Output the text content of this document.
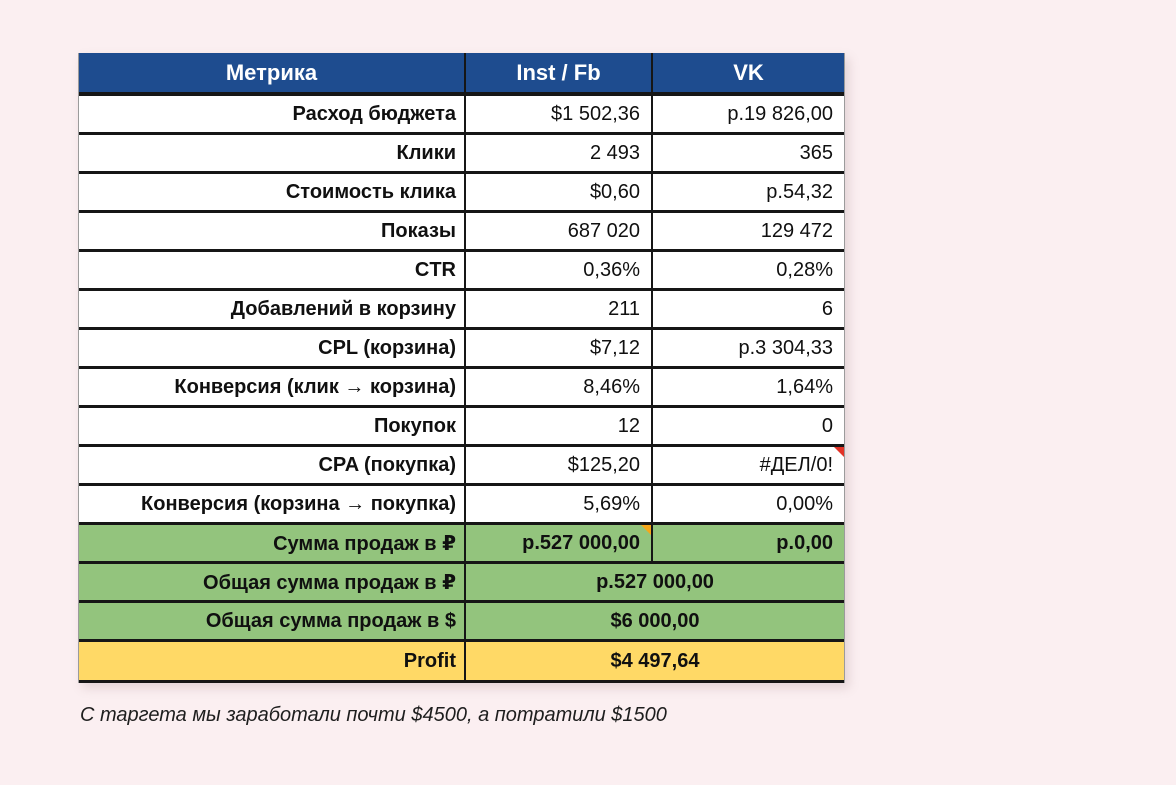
Метрика	Inst / Fb	VK
Расход бюджета	$1 502,36	р.19 826,00
Клики	2 493	365
Стоимость клика	$0,60	р.54,32
Показы	687 020	129 472
CTR	0,36%	0,28%
Добавлений в корзину	211	6
CPL (корзина)	$7,12	р.3 304,33
Конверсия (клик → корзина)	8,46%	1,64%
Покупок	12	0
CPA (покупка)	$125,20	#ДЕЛ/0!
Конверсия (корзина → покупка)	5,69%	0,00%
Сумма продаж в ₽	р.527 000,00	р.0,00
Общая сумма продаж в ₽	р.527 000,00
Общая сумма продаж в $	$6 000,00
Profit	$4 497,64
С таргета мы заработали почти $4500, а потратили $1500
